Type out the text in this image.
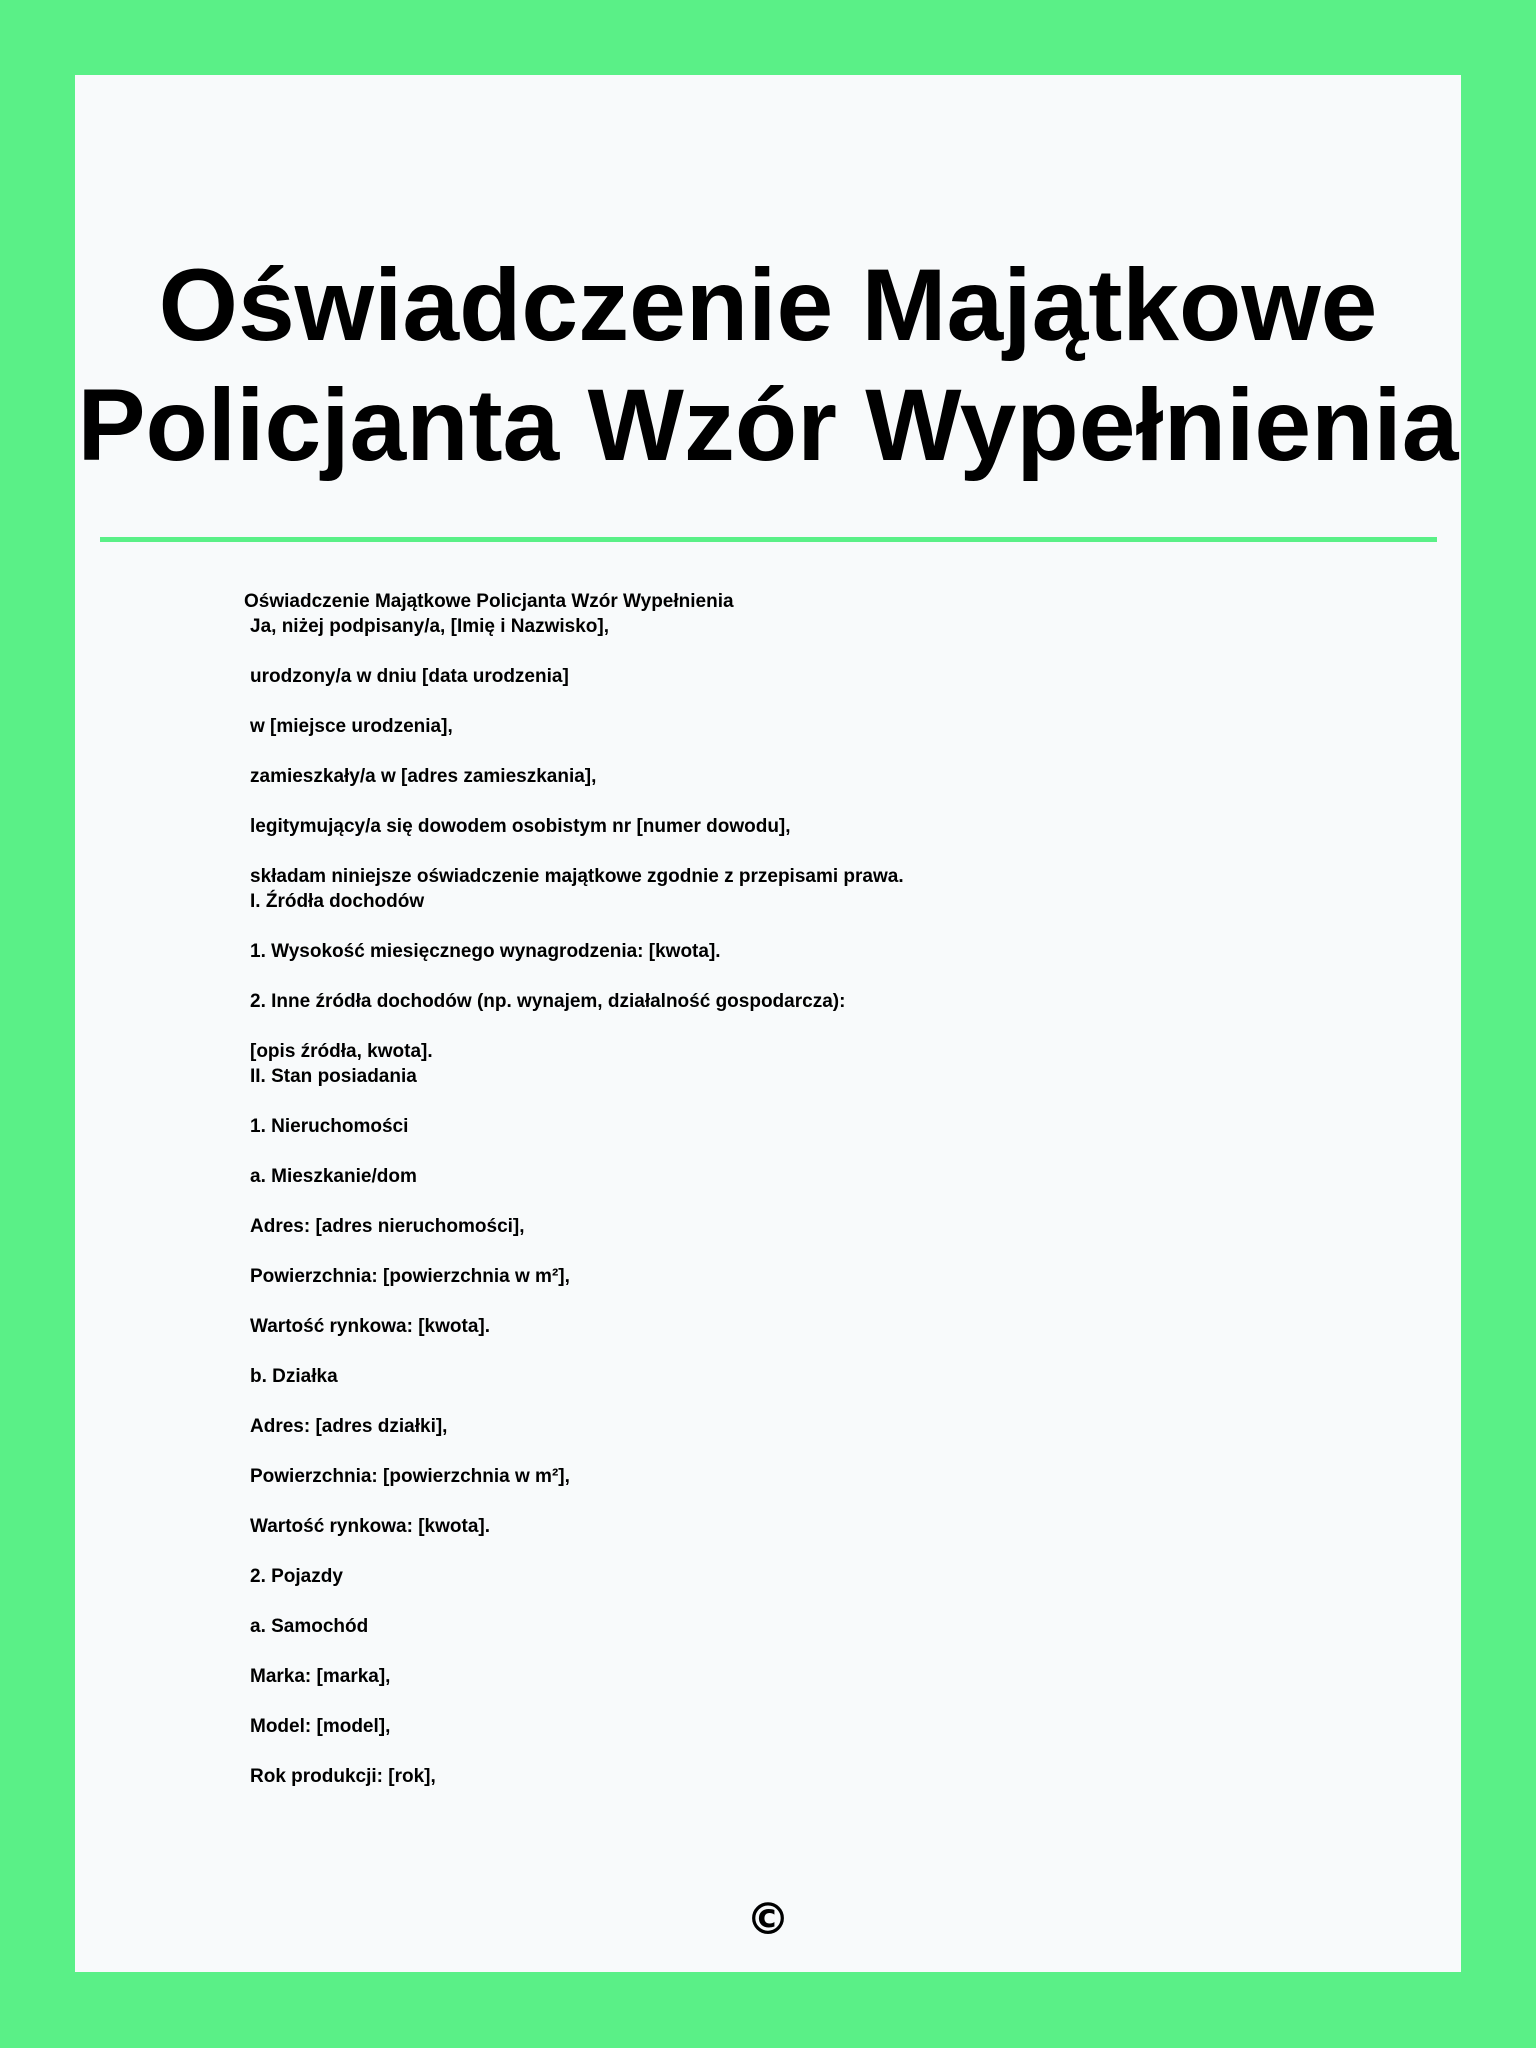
Oświadczenie Majątkowe Policjanta Wzór Wypełnienia
Oświadczenie Majątkowe Policjanta Wzór Wypełnienia
Ja, niżej podpisany/a, [Imię i Nazwisko],
urodzony/a w dniu [data urodzenia]
w [miejsce urodzenia],
zamieszkały/a w [adres zamieszkania],
legitymujący/a się dowodem osobistym nr [numer dowodu],
składam niniejsze oświadczenie majątkowe zgodnie z przepisami prawa.
I. Źródła dochodów
1. Wysokość miesięcznego wynagrodzenia: [kwota].
2. Inne źródła dochodów (np. wynajem, działalność gospodarcza):
[opis źródła, kwota].
II. Stan posiadania
1. Nieruchomości
a. Mieszkanie/dom
Adres: [adres nieruchomości],
Powierzchnia: [powierzchnia w m²],
Wartość rynkowa: [kwota].
b. Działka
Adres: [adres działki],
Powierzchnia: [powierzchnia w m²],
Wartość rynkowa: [kwota].
2. Pojazdy
a. Samochód
Marka: [marka],
Model: [model],
Rok produkcji: [rok],
©
